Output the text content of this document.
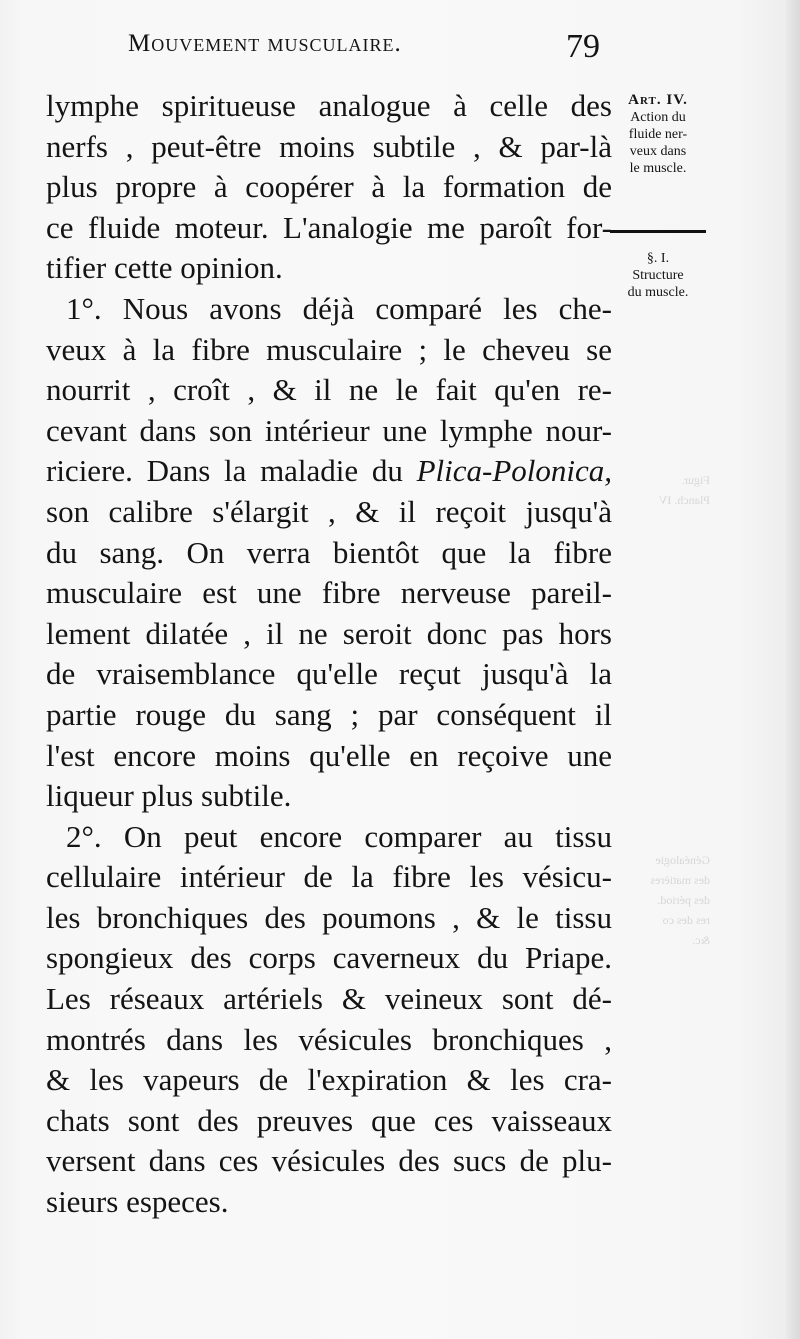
Mouvement musculaire.	79
Art. IV.
Action du
fluide ner-
veux dans
le muscle.
§. I.
Structure
du muscle.
lymphe spiritueuse analogue à celle des
nerfs , peut-être moins subtile , & par-là
plus propre à coopérer à la formation de
ce fluide moteur. L'analogie me paroît for-
tifier cette opinion.
1°. Nous avons déjà comparé les che-
veux à la fibre musculaire ; le cheveu se
nourrit , croît , & il ne le fait qu'en re-
cevant dans son intérieur une lymphe nour-
riciere. Dans la maladie du Plica-Polonica,
son calibre s'élargit , & il reçoit jusqu'à
du sang. On verra bientôt que la fibre
musculaire est une fibre nerveuse pareil-
lement dilatée , il ne seroit donc pas hors
de vraisemblance qu'elle reçut jusqu'à la
partie rouge du sang ; par conséquent il
l'est encore moins qu'elle en reçoive une
liqueur plus subtile.
2°. On peut encore comparer au tissu
cellulaire intérieur de la fibre les vésicu-
les bronchiques des poumons , & le tissu
spongieux des corps caverneux du Priape.
Les réseaux artériels & veineux sont dé-
montrés dans les vésicules bronchiques ,
& les vapeurs de l'expiration & les cra-
chats sont des preuves que ces vaisseaux
versent dans ces vésicules des sucs de plu-
sieurs especes.
Figur.
Planch. IV
Généalogie
des matières
des périod.
res des co
&c.
